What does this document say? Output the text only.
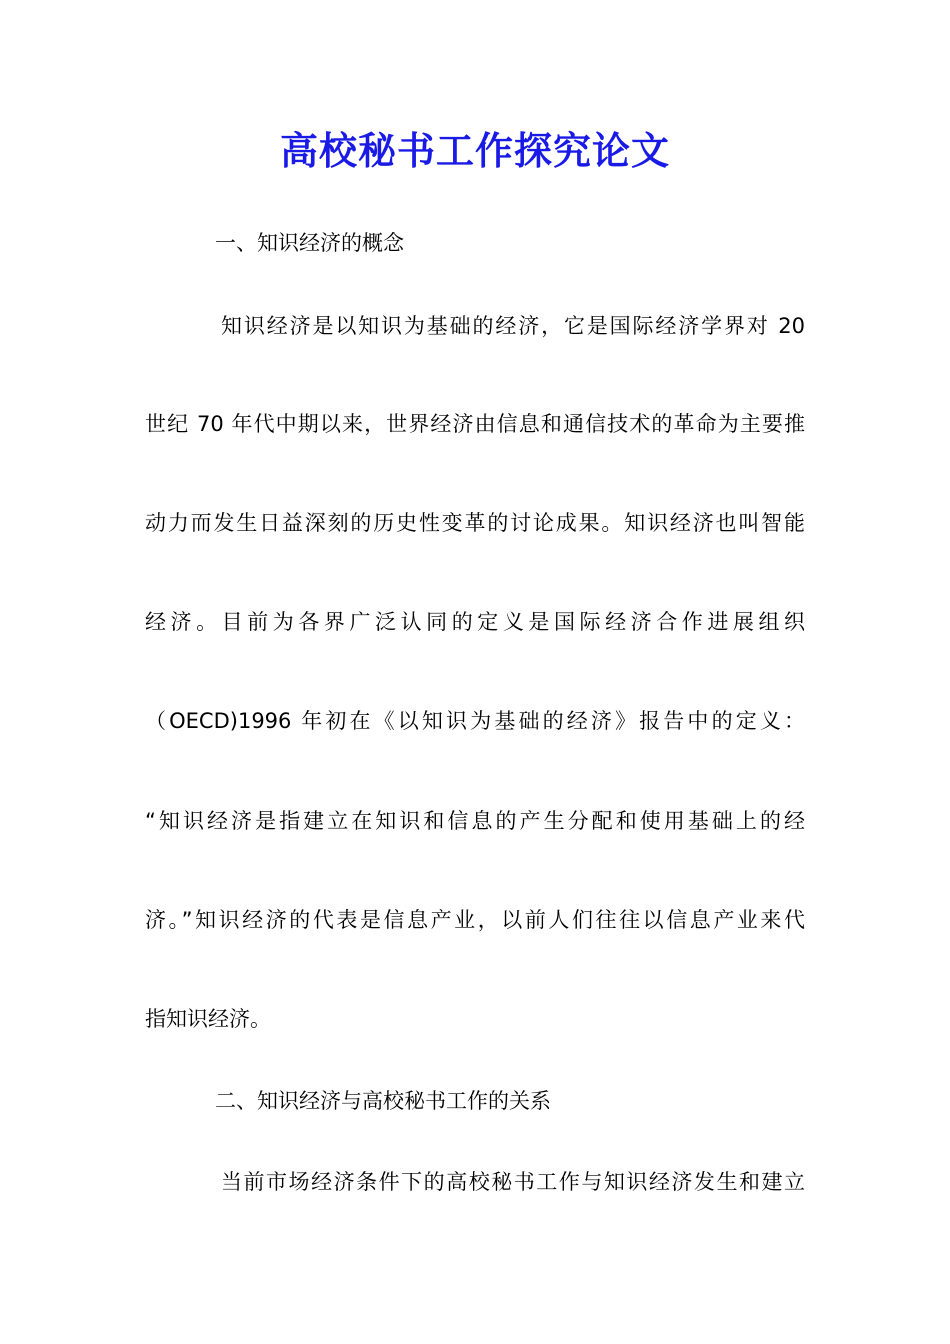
高校秘书工作探究论文
一、知识经济的概念
知识经济是以知识为基础的经济，它是国际经济学界对 20
世纪 70 年代中期以来，世界经济由信息和通信技术的革命为主要推
动力而发生日益深刻的历史性变革的讨论成果。知识经济也叫智能
经济。目前为各界广泛认同的定义是国际经济合作进展组织
（OECD)1996 年初在《以知识为基础的经济》报告中的定义：
“知识经济是指建立在知识和信息的产生分配和使用基础上的经
济。”知识经济的代表是信息产业，以前人们往往以信息产业来代
指知识经济。
二、知识经济与高校秘书工作的关系
当前市场经济条件下的高校秘书工作与知识经济发生和建立
